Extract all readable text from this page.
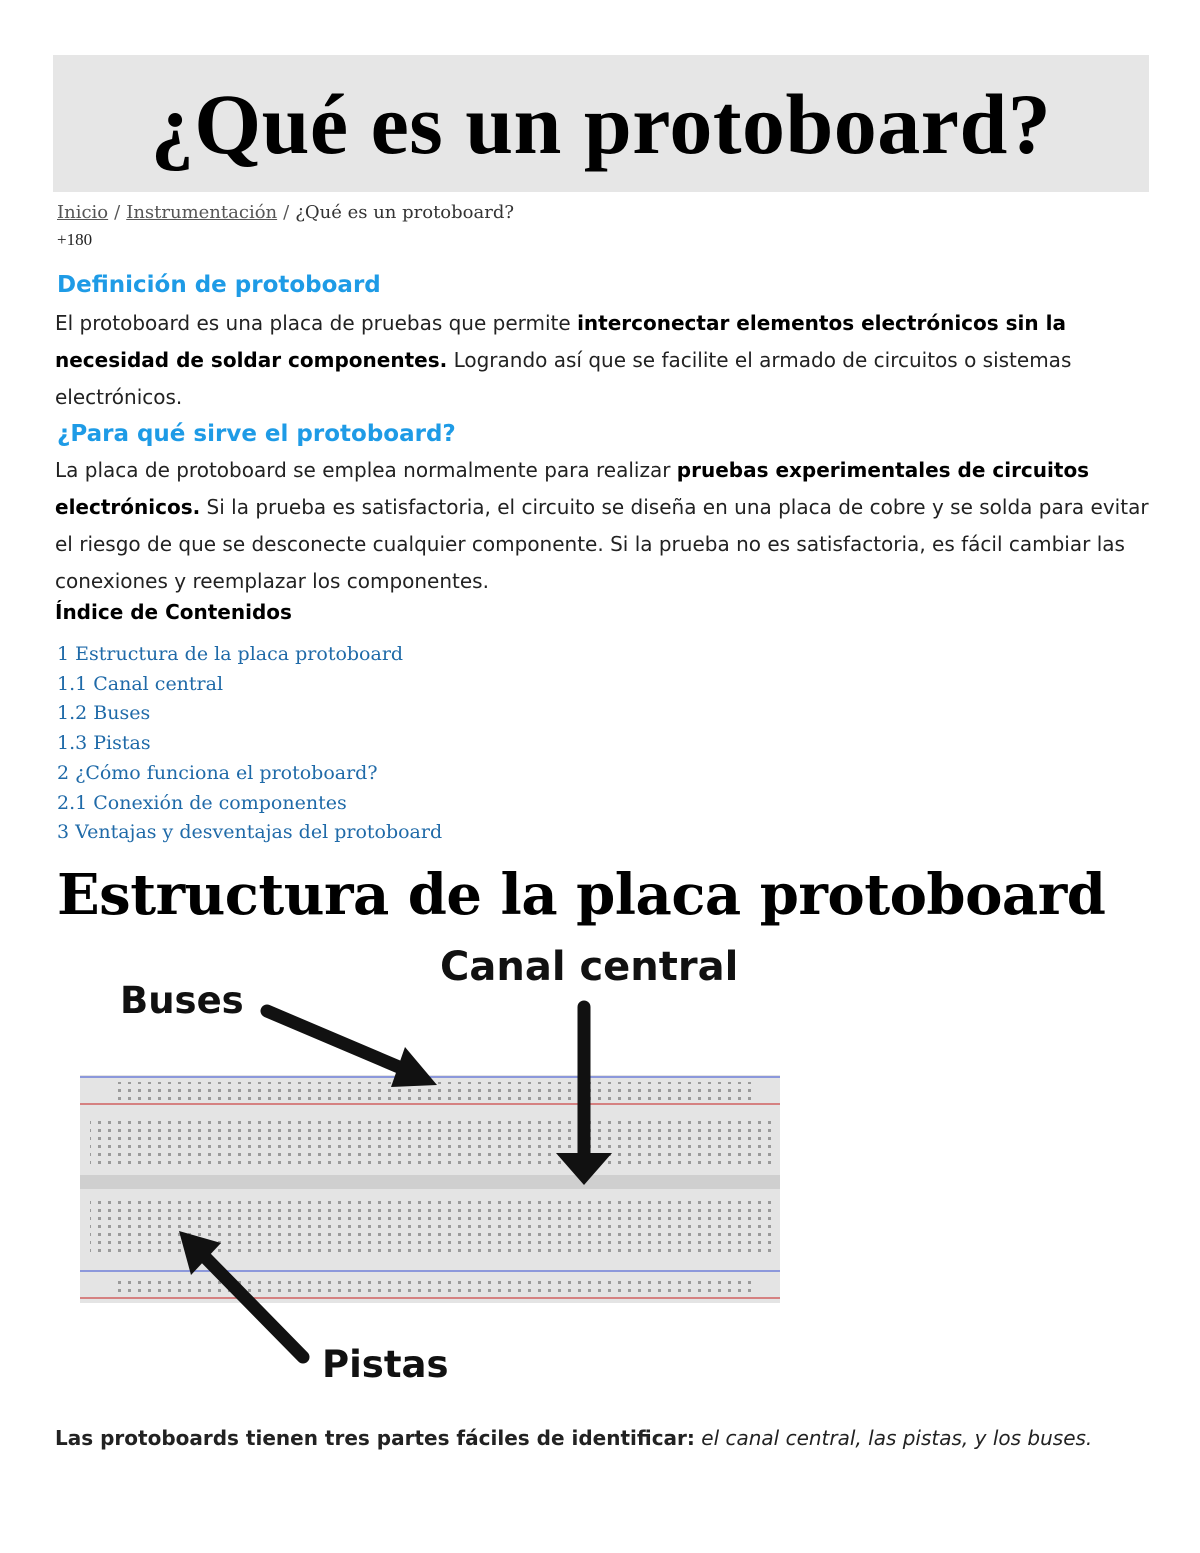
¿Qué es un protoboard?
Inicio / Instrumentación / ¿Qué es un protoboard?
+180
Definición de protoboard

El protoboard es una placa de pruebas que permite interconectar elementos electrónicos sin la necesidad de soldar componentes. Logrando así que se facilite el armado de circuitos o sistemas electrónicos.

¿Para qué sirve el protoboard?

La placa de protoboard se emplea normalmente para realizar pruebas experimentales de circuitos electrónicos. Si la prueba es satisfactoria, el circuito se diseña en una placa de cobre y se solda para evitar el riesgo de que se desconecte cualquier componente. Si la prueba no es satisfactoria, es fácil cambiar las conexiones y reemplazar los componentes.

Índice de Contenidos
1 Estructura de la placa protoboard
1.1 Canal central
1.2 Buses
1.3 Pistas
2 ¿Cómo funciona el protoboard?
2.1 Conexión de componentes
3 Ventajas y desventajas del protoboard
Estructura de la placa protoboard
Buses
Canal central
Pistas

Las protoboards tienen tres partes fáciles de identificar: el canal central, las pistas, y los buses.
